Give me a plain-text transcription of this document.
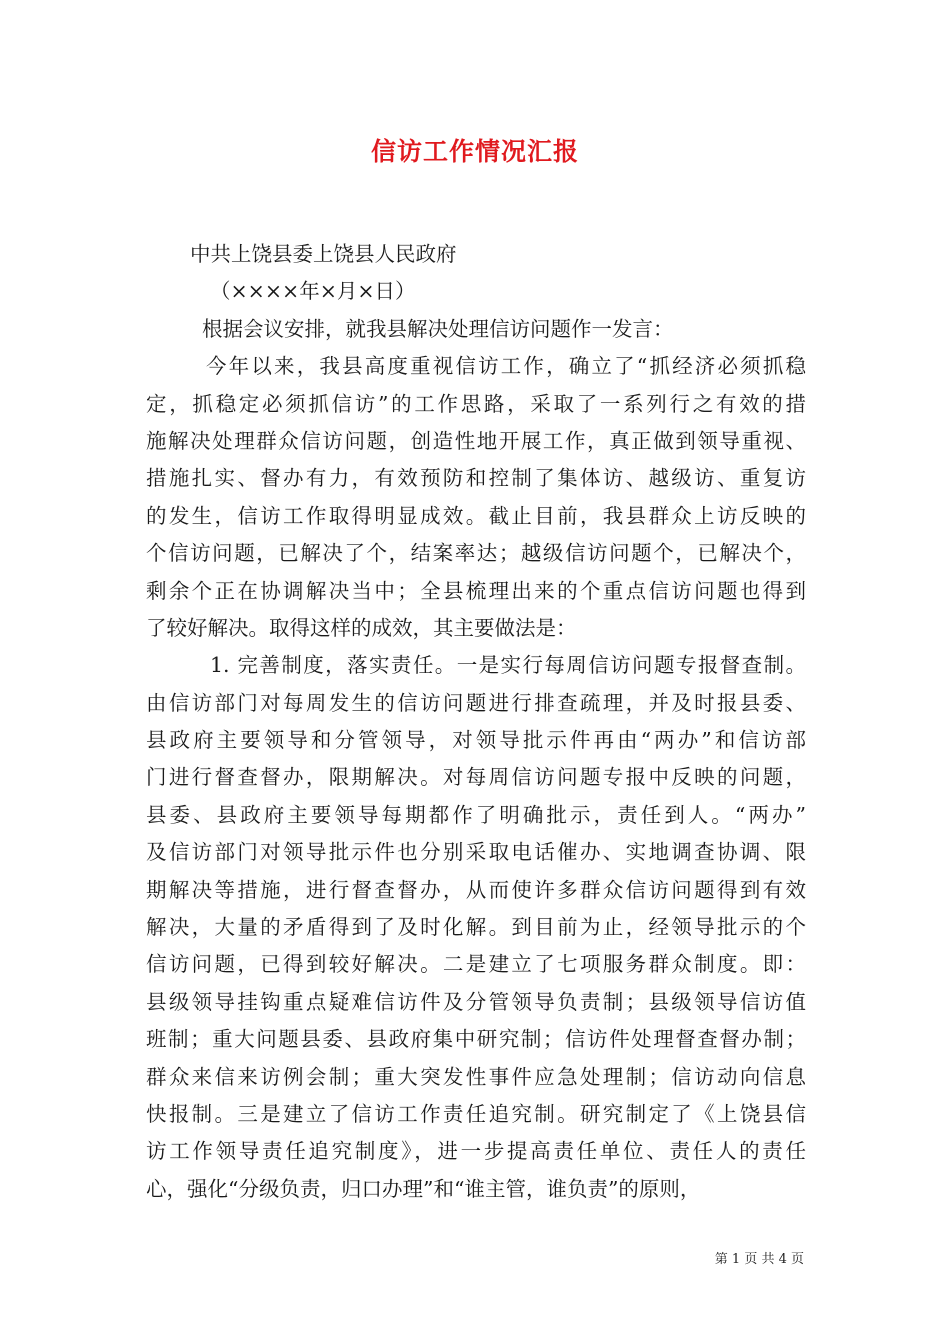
信访工作情况汇报
中共上饶县委上饶县人民政府
（××××年×月×日）
根据会议安排，就我县解决处理信访问题作一发言：
今年以来，我县高度重视信访工作，确立了“抓经济必须抓稳
定，抓稳定必须抓信访”的工作思路，采取了一系列行之有效的措
施解决处理群众信访问题，创造性地开展工作，真正做到领导重视、
措施扎实、督办有力，有效预防和控制了集体访、越级访、重复访
的发生，信访工作取得明显成效。截止目前，我县群众上访反映的
个信访问题，已解决了个，结案率达；越级信访问题个，已解决个，
剩余个正在协调解决当中；全县梳理出来的个重点信访问题也得到
了较好解决。取得这样的成效，其主要做法是：
1. 完善制度，落实责任。一是实行每周信访问题专报督查制。
由信访部门对每周发生的信访问题进行排查疏理，并及时报县委、
县政府主要领导和分管领导，对领导批示件再由“两办”和信访部
门进行督查督办，限期解决。对每周信访问题专报中反映的问题，
县委、县政府主要领导每期都作了明确批示，责任到人。“两办”
及信访部门对领导批示件也分别采取电话催办、实地调查协调、限
期解决等措施，进行督查督办，从而使许多群众信访问题得到有效
解决，大量的矛盾得到了及时化解。到目前为止，经领导批示的个
信访问题，已得到较好解决。二是建立了七项服务群众制度。即：
县级领导挂钩重点疑难信访件及分管领导负责制；县级领导信访值
班制；重大问题县委、县政府集中研究制；信访件处理督查督办制；
群众来信来访例会制；重大突发性事件应急处理制；信访动向信息
快报制。三是建立了信访工作责任追究制。研究制定了《上饶县信
访工作领导责任追究制度》，进一步提高责任单位、责任人的责任
心，强化“分级负责，归口办理”和“谁主管，谁负责”的原则，
第 1 页 共 4 页
